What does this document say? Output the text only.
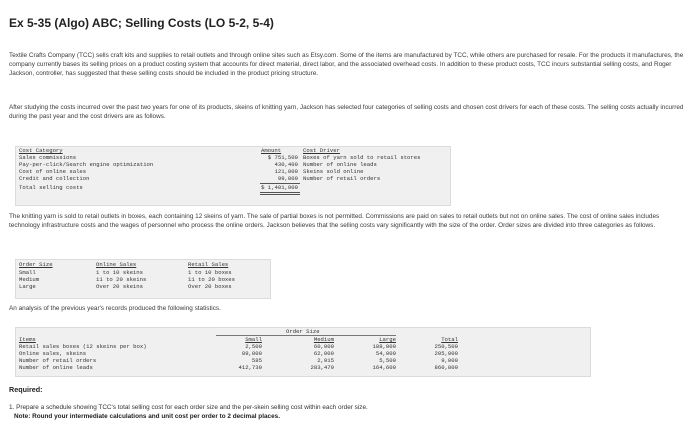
Ex 5-35 (Algo) ABC; Selling Costs (LO 5-2, 5-4)

Textile Crafts Company (TCC) sells craft kits and supplies to retail outlets and through online sites such as Etsy.com. Some of the items are manufactured by TCC, while others are purchased for resale. For the products it manufactures, the company currently bases its selling prices on a product costing system that accounts for direct material, direct labor, and the associated overhead costs. In addition to these product costs, TCC incurs substantial selling costs, and Roger Jackson, controller, has suggested that these selling costs should be included in the product pricing structure.

After studying the costs incurred over the past two years for one of its products, skeins of knitting yarn, Jackson has selected four categories of selling costs and chosen cost drivers for each of these costs. The selling costs actually incurred during the past year and the cost drivers are as follows.

Cost Category	Amount	Cost Driver
Sales commissions	$ 751,500 Boxes of yarn sold to retail stores
Pay-per-click/Search engine optimization	430,400 Number of online leads
Cost of online sales	121,000 Skeins sold online
Credit and collection	99,000 Number of retail orders
Total selling costs	$ 1,401,900

The knitting yarn is sold to retail outlets in boxes, each containing 12 skeins of yarn. The sale of partial boxes is not permitted. Commissions are paid on sales to retail outlets but not on online sales. The cost of online sales includes technology infrastructure costs and the wages of personnel who process the online orders. Jackson believes that the selling costs vary significantly with the size of the order. Order sizes are divided into three categories as follows.

Order Size	Online Sales	Retail Sales
Small	1 to 10 skeins	1 to 10 boxes
Medium	11 to 20 skeins	11 to 20 boxes
Large	Over 20 skeins	Over 20 boxes

An analysis of the previous year's records produced the following statistics.

Order Size
Items	Small	Medium	Large	Total
Retail sales boxes (12 skeins per box)	2,500	60,000	188,000	250,500
Online sales, skeins	89,000	62,000	54,000	205,000
Number of retail orders	585	2,915	5,500	9,000
Number of online leads	412,730	283,470	164,600	860,800

Required:

1. Prepare a schedule showing TCC's total selling cost for each order size and the per-skein selling cost within each order size.

Note: Round your intermediate calculations and unit cost per order to 2 decimal places.
